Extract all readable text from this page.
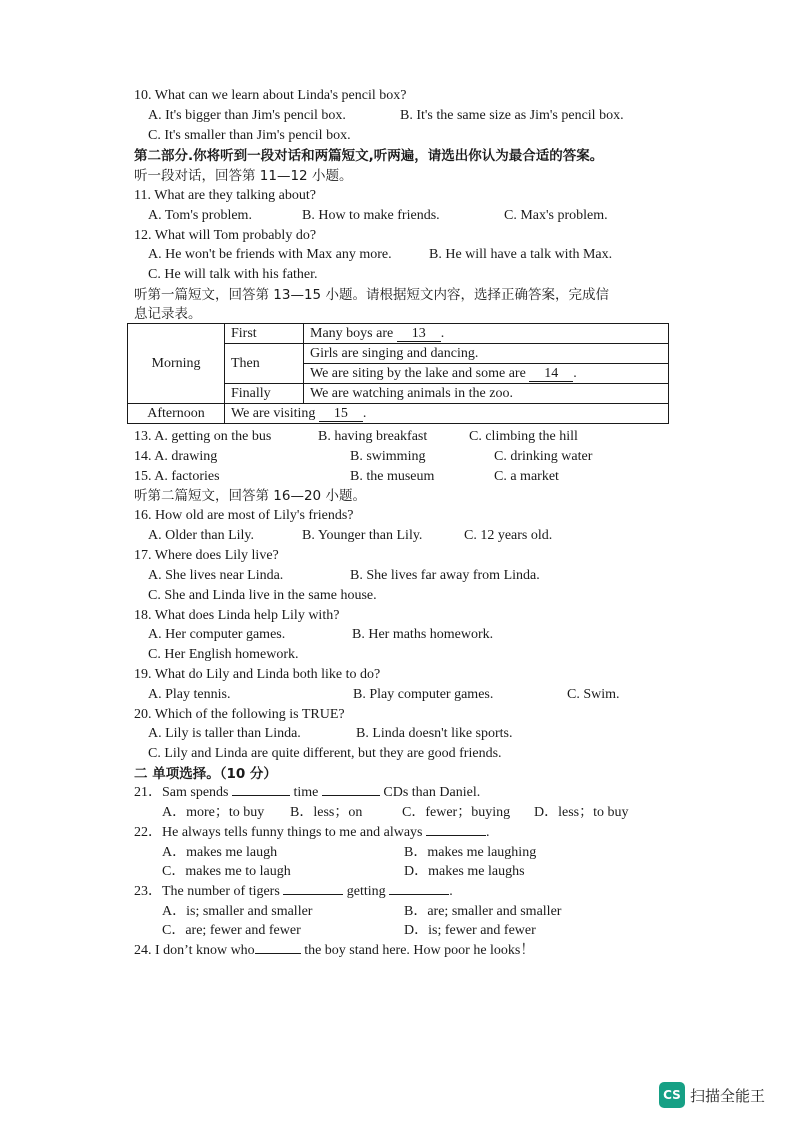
10. What can we learn about Linda's pencil box?
A. It's bigger than Jim's pencil box.	B. It's the same size as Jim's pencil box.
C. It's smaller than Jim's pencil box.
第二部分.你将听到一段对话和两篇短文,听两遍，请选出你认为最合适的答案。
听一段对话，回答第 11—12 小题。
11. What are they talking about?
A. Tom's problem.	B. How to make friends.	C. Max's problem.
12. What will Tom probably do?
A. He won't be friends with Max any more.	B. He will have a talk with Max.
C. He will talk with his father.
听第一篇短文，回答第 13—15 小题。请根据短文内容，选择正确答案，完成信
息记录表。
Morning	First	Many boys are 13 .
	Then	Girls are singing and dancing.
		We are siting by the lake and some are 14 .
	Finally	We are watching animals in the zoo.
Afternoon	We are visiting 15 .	
13. A. getting on the bus	B. having breakfast	C. climbing the hill
14. A. drawing	B. swimming	C. drinking water
15. A. factories	B. the museum	C. a market
听第二篇短文，回答第 16—20 小题。
16. How old are most of Lily's friends?
A. Older than Lily.	B. Younger than Lily.	C. 12 years old.
17. Where does Lily live?
A. She lives near Linda.	B. She lives far away from Linda.
C. She and Linda live in the same house.
18. What does Linda help Lily with?
A. Her computer games.	B. Her maths homework.
C. Her English homework.
19. What do Lily and Linda both like to do?
A. Play tennis.	B. Play computer games.	C. Swim.
20. Which of the following is TRUE?
A. Lily is taller than Linda.	B. Linda doesn't like sports.
C. Lily and Linda are quite different, but they are good friends.
二 单项选择。（10 分）
21．Sam spends	time	CDs than Daniel.
A．more；to buy B．less；on	C．fewer；buying D．less；to buy
22．He always tells funny things to me and always	.
A．makes me laugh	B．makes me laughing
C．makes me to laugh	D．makes me laughs
23．The number of tigers	getting	.
A．is; smaller and smaller	B．are; smaller and smaller
C．are; fewer and fewer	D．is; fewer and fewer
24. I don’t know who	the boy stand here. How poor he looks！
CS 扫描全能王
